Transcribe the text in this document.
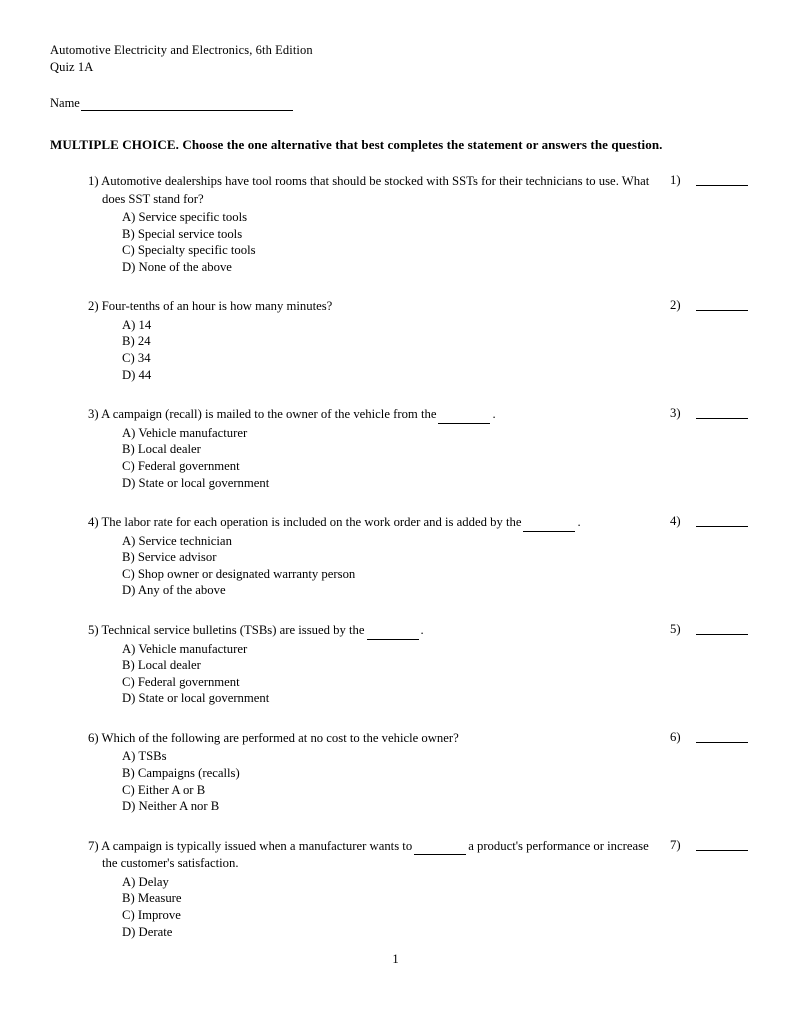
Automotive Electricity and Electronics, 6th Edition
Quiz 1A
Name
MULTIPLE CHOICE. Choose the one alternative that best completes the statement or answers the question.
1) Automotive dealerships have tool rooms that should be stocked with SSTs for their technicians to use. What does SST stand for?
A) Service specific tools
B) Special service tools
C) Specialty specific tools
D) None of the above
1)
2) Four-tenths of an hour is how many minutes?
A) 14
B) 24
C) 34
D) 44
2)
3) A campaign (recall) is mailed to the owner of the vehicle from the	.
A) Vehicle manufacturer
B) Local dealer
C) Federal government
D) State or local government
3)
4) The labor rate for each operation is included on the work order and is added by the	.
A) Service technician
B) Service advisor
C) Shop owner or designated warranty person
D) Any of the above
4)
5) Technical service bulletins (TSBs) are issued by the	.
A) Vehicle manufacturer
B) Local dealer
C) Federal government
D) State or local government
5)
6) Which of the following are performed at no cost to the vehicle owner?
A) TSBs
B) Campaigns (recalls)
C) Either A or B
D) Neither A nor B
6)
7) A campaign is typically issued when a manufacturer wants to	a product's performance or increase the customer's satisfaction.
A) Delay
B) Measure
C) Improve
D) Derate
7)
1
